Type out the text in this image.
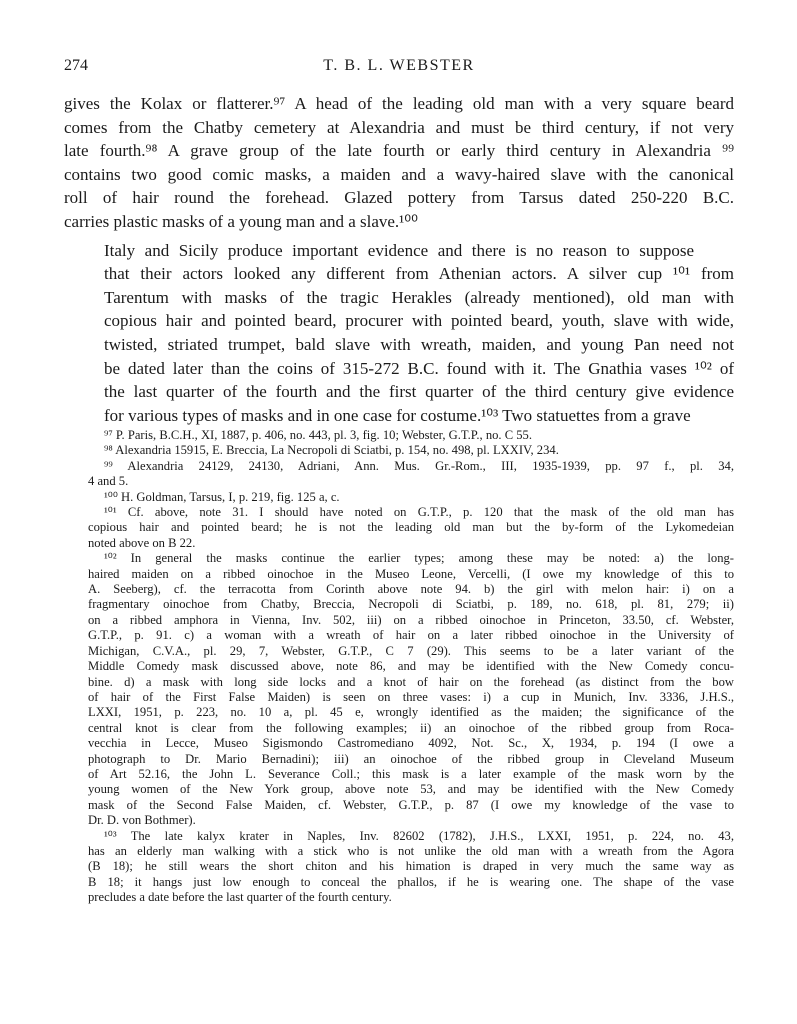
274	T. B. L. WEBSTER

gives the Kolax or flatterer.⁹⁷ A head of the leading old man with a very square beard
comes from the Chatby cemetery at Alexandria and must be third century, if not very
late fourth.⁹⁸ A grave group of the late fourth or early third century in Alexandria ⁹⁹
contains two good comic masks, a maiden and a wavy-haired slave with the canonical
roll of hair round the forehead. Glazed pottery from Tarsus dated 250-220 B.C.
carries plastic masks of a young man and a slave.¹⁰⁰

Italy and Sicily produce important evidence and there is no reason to suppose
that their actors looked any different from Athenian actors. A silver cup ¹⁰¹ from
Tarentum with masks of the tragic Herakles (already mentioned), old man with
copious hair and pointed beard, procurer with pointed beard, youth, slave with wide,
twisted, striated trumpet, bald slave with wreath, maiden, and young Pan need not
be dated later than the coins of 315-272 B.C. found with it. The Gnathia vases ¹⁰² of
the last quarter of the fourth and the first quarter of the third century give evidence
for various types of masks and in one case for costume.¹⁰³ Two statuettes from a grave

⁹⁷ P. Paris, B.C.H., XI, 1887, p. 406, no. 443, pl. 3, fig. 10; Webster, G.T.P., no. C 55.
⁹⁸ Alexandria 15915, E. Breccia, La Necropoli di Sciatbi, p. 154, no. 498, pl. LXXIV, 234.
⁹⁹ Alexandria 24129, 24130, Adriani, Ann. Mus. Gr.-Rom., III, 1935-1939, pp. 97 f., pl. 34,
4 and 5.
¹⁰⁰ H. Goldman, Tarsus, I, p. 219, fig. 125 a, c.
¹⁰¹ Cf. above, note 31. I should have noted on G.T.P., p. 120 that the mask of the old man has
copious hair and pointed beard; he is not the leading old man but the by-form of the Lykomedeian
noted above on B 22.
¹⁰² In general the masks continue the earlier types; among these may be noted: a) the long-
haired maiden on a ribbed oinochoe in the Museo Leone, Vercelli, (I owe my knowledge of this to
A. Seeberg), cf. the terracotta from Corinth above note 94. b) the girl with melon hair: i) on a
fragmentary oinochoe from Chatby, Breccia, Necropoli di Sciatbi, p. 189, no. 618, pl. 81, 279; ii)
on a ribbed amphora in Vienna, Inv. 502, iii) on a ribbed oinochoe in Princeton, 33.50, cf. Webster,
G.T.P., p. 91. c) a woman with a wreath of hair on a later ribbed oinochoe in the University of
Michigan, C.V.A., pl. 29, 7, Webster, G.T.P., C 7 (29). This seems to be a later variant of the
Middle Comedy mask discussed above, note 86, and may be identified with the New Comedy concu-
bine. d) a mask with long side locks and a knot of hair on the forehead (as distinct from the bow
of hair of the First False Maiden) is seen on three vases: i) a cup in Munich, Inv. 3336, J.H.S.,
LXXI, 1951, p. 223, no. 10 a, pl. 45 e, wrongly identified as the maiden; the significance of the
central knot is clear from the following examples; ii) an oinochoe of the ribbed group from Roca-
vecchia in Lecce, Museo Sigismondo Castromediano 4092, Not. Sc., X, 1934, p. 194 (I owe a
photograph to Dr. Mario Bernadini); iii) an oinochoe of the ribbed group in Cleveland Museum
of Art 52.16, the John L. Severance Coll.; this mask is a later example of the mask worn by the
young women of the New York group, above note 53, and may be identified with the New Comedy
mask of the Second False Maiden, cf. Webster, G.T.P., p. 87 (I owe my knowledge of the vase to
Dr. D. von Bothmer).
¹⁰³ The late kalyx krater in Naples, Inv. 82602 (1782), J.H.S., LXXI, 1951, p. 224, no. 43,
has an elderly man walking with a stick who is not unlike the old man with a wreath from the Agora
(B 18); he still wears the short chiton and his himation is draped in very much the same way as
B 18; it hangs just low enough to conceal the phallos, if he is wearing one. The shape of the vase
precludes a date before the last quarter of the fourth century.
